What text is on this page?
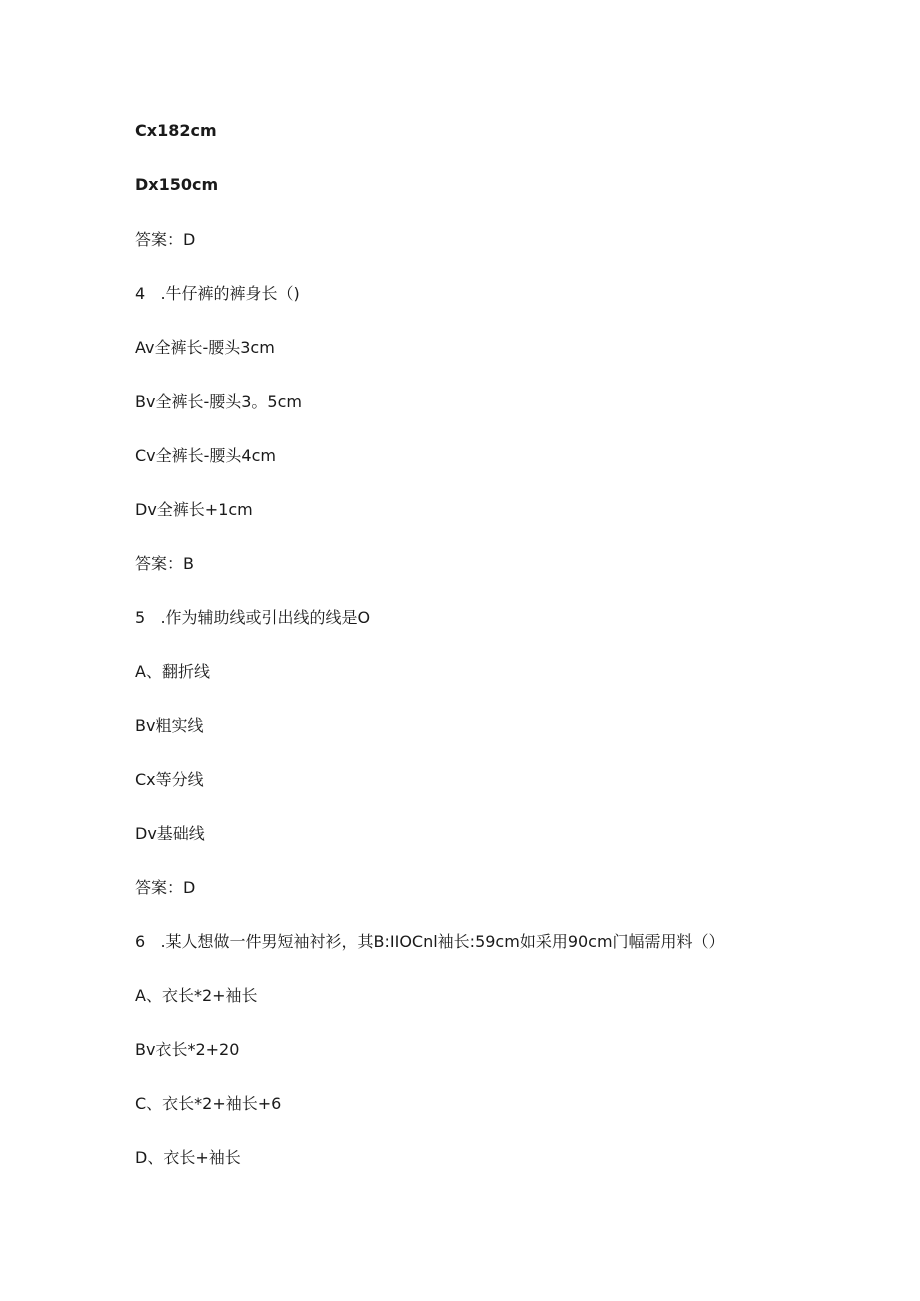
Cx182cm
Dx150cm
答案：D
4   .牛仔裤的裤身长（)
Av全裤长-腰头3cm
Bv全裤长-腰头3。5cm
Cv全裤长-腰头4cm
Dv全裤长+1cm
答案：B
5   .作为辅助线或引出线的线是O
A、翻折线
Bv粗实线
Cx等分线
Dv基础线
答案：D
6   .某人想做一件男短袖衬衫，其B:IIOCnl袖长:59cm如采用90cm门幅需用料（）
A、衣长*2+袖长
Bv衣长*2+20
C、衣长*2+袖长+6
D、衣长+袖长
